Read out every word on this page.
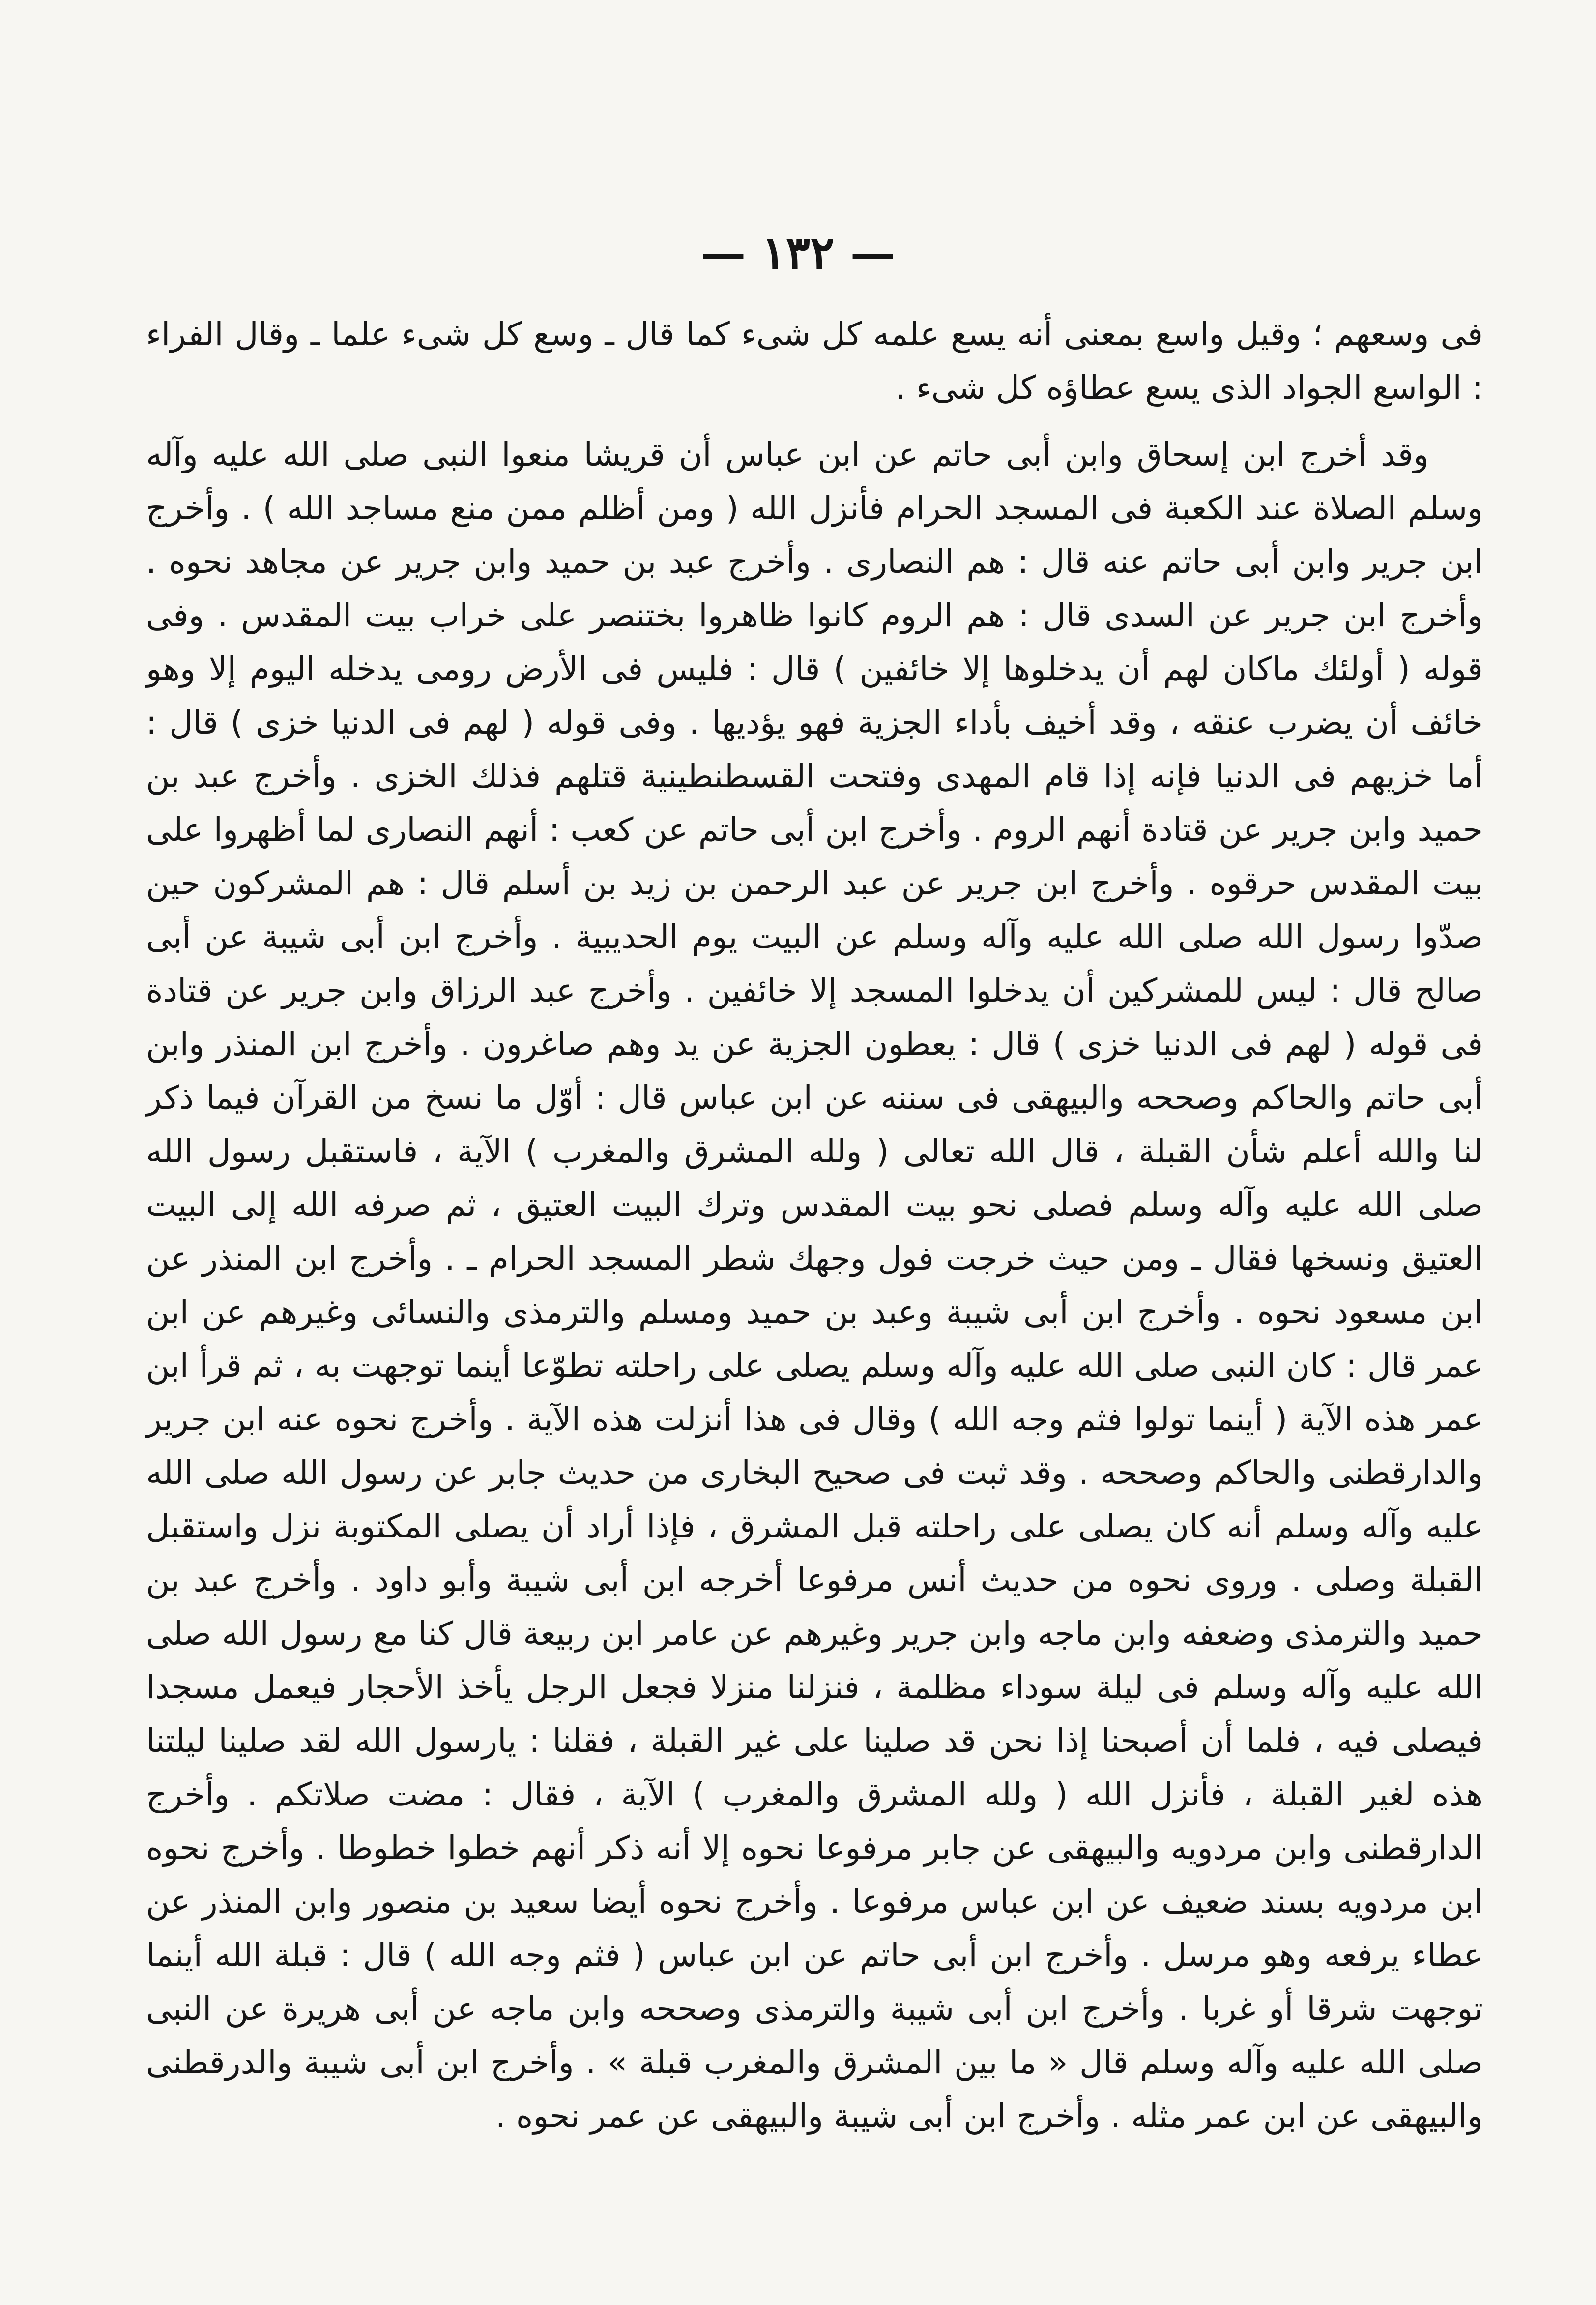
— ١٣٢ —
فى وسعهم ؛ وقيل واسع بمعنى أنه يسع علمه كل شىء كما قال ـ وسع كل شىء علما ـ وقال الفراء : الواسع الجواد الذى يسع عطاؤه كل شىء .
وقد أخرج ابن إسحاق وابن أبى حاتم عن ابن عباس أن قريشا منعوا النبى صلى الله عليه وآله وسلم الصلاة عند الكعبة فى المسجد الحرام فأنزل الله ( ومن أظلم ممن منع مساجد الله ) . وأخرج ابن جرير وابن أبى حاتم عنه قال : هم النصارى . وأخرج عبد بن حميد وابن جرير عن مجاهد نحوه . وأخرج ابن جرير عن السدى قال : هم الروم كانوا ظاهروا بختنصر على خراب بيت المقدس . وفى قوله ( أولئك ماكان لهم أن يدخلوها إلا خائفين ) قال : فليس فى الأرض رومى يدخله اليوم إلا وهو خائف أن يضرب عنقه ، وقد أخيف بأداء الجزية فهو يؤديها . وفى قوله ( لهم فى الدنيا خزى ) قال : أما خزيهم فى الدنيا فإنه إذا قام المهدى وفتحت القسطنطينية قتلهم فذلك الخزى . وأخرج عبد بن حميد وابن جرير عن قتادة أنهم الروم . وأخرج ابن أبى حاتم عن كعب : أنهم النصارى لما أظهروا على بيت المقدس حرقوه . وأخرج ابن جرير عن عبد الرحمن بن زيد بن أسلم قال : هم المشركون حين صدّوا رسول الله صلى الله عليه وآله وسلم عن البيت يوم الحديبية . وأخرج ابن أبى شيبة عن أبى صالح قال : ليس للمشركين أن يدخلوا المسجد إلا خائفين . وأخرج عبد الرزاق وابن جرير عن قتادة فى قوله ( لهم فى الدنيا خزى ) قال : يعطون الجزية عن يد وهم صاغرون . وأخرج ابن المنذر وابن أبى حاتم والحاكم وصححه والبيهقى فى سننه عن ابن عباس قال : أوّل ما نسخ من القرآن فيما ذكر لنا والله أعلم شأن القبلة ، قال الله تعالى ( ولله المشرق والمغرب ) الآية ، فاستقبل رسول الله صلى الله عليه وآله وسلم فصلى نحو بيت المقدس وترك البيت العتيق ، ثم صرفه الله إلى البيت العتيق ونسخها فقال ـ ومن حيث خرجت فول وجهك شطر المسجد الحرام ـ . وأخرج ابن المنذر عن ابن مسعود نحوه . وأخرج ابن أبى شيبة وعبد بن حميد ومسلم والترمذى والنسائى وغيرهم عن ابن عمر قال : كان النبى صلى الله عليه وآله وسلم يصلى على راحلته تطوّعا أينما توجهت به ، ثم قرأ ابن عمر هذه الآية ( أينما تولوا فثم وجه الله ) وقال فى هذا أنزلت هذه الآية . وأخرج نحوه عنه ابن جرير والدارقطنى والحاكم وصححه . وقد ثبت فى صحيح البخارى من حديث جابر عن رسول الله صلى الله عليه وآله وسلم أنه كان يصلى على راحلته قبل المشرق ، فإذا أراد أن يصلى المكتوبة نزل واستقبل القبلة وصلى . وروى نحوه من حديث أنس مرفوعا أخرجه ابن أبى شيبة وأبو داود . وأخرج عبد بن حميد والترمذى وضعفه وابن ماجه وابن جرير وغيرهم عن عامر ابن ربيعة قال كنا مع رسول الله صلى الله عليه وآله وسلم فى ليلة سوداء مظلمة ، فنزلنا منزلا فجعل الرجل يأخذ الأحجار فيعمل مسجدا فيصلى فيه ، فلما أن أصبحنا إذا نحن قد صلينا على غير القبلة ، فقلنا : يارسول الله لقد صلينا ليلتنا هذه لغير القبلة ، فأنزل الله ( ولله المشرق والمغرب ) الآية ، فقال : مضت صلاتكم . وأخرج الدارقطنى وابن مردويه والبيهقى عن جابر مرفوعا نحوه إلا أنه ذكر أنهم خطوا خطوطا . وأخرج نحوه ابن مردويه بسند ضعيف عن ابن عباس مرفوعا . وأخرج نحوه أيضا سعيد بن منصور وابن المنذر عن عطاء يرفعه وهو مرسل . وأخرج ابن أبى حاتم عن ابن عباس ( فثم وجه الله ) قال : قبلة الله أينما توجهت شرقا أو غربا . وأخرج ابن أبى شيبة والترمذى وصححه وابن ماجه عن أبى هريرة عن النبى صلى الله عليه وآله وسلم قال « ما بين المشرق والمغرب قبلة » . وأخرج ابن أبى شيبة والدرقطنى والبيهقى عن ابن عمر مثله . وأخرج ابن أبى شيبة والبيهقى عن عمر نحوه .
